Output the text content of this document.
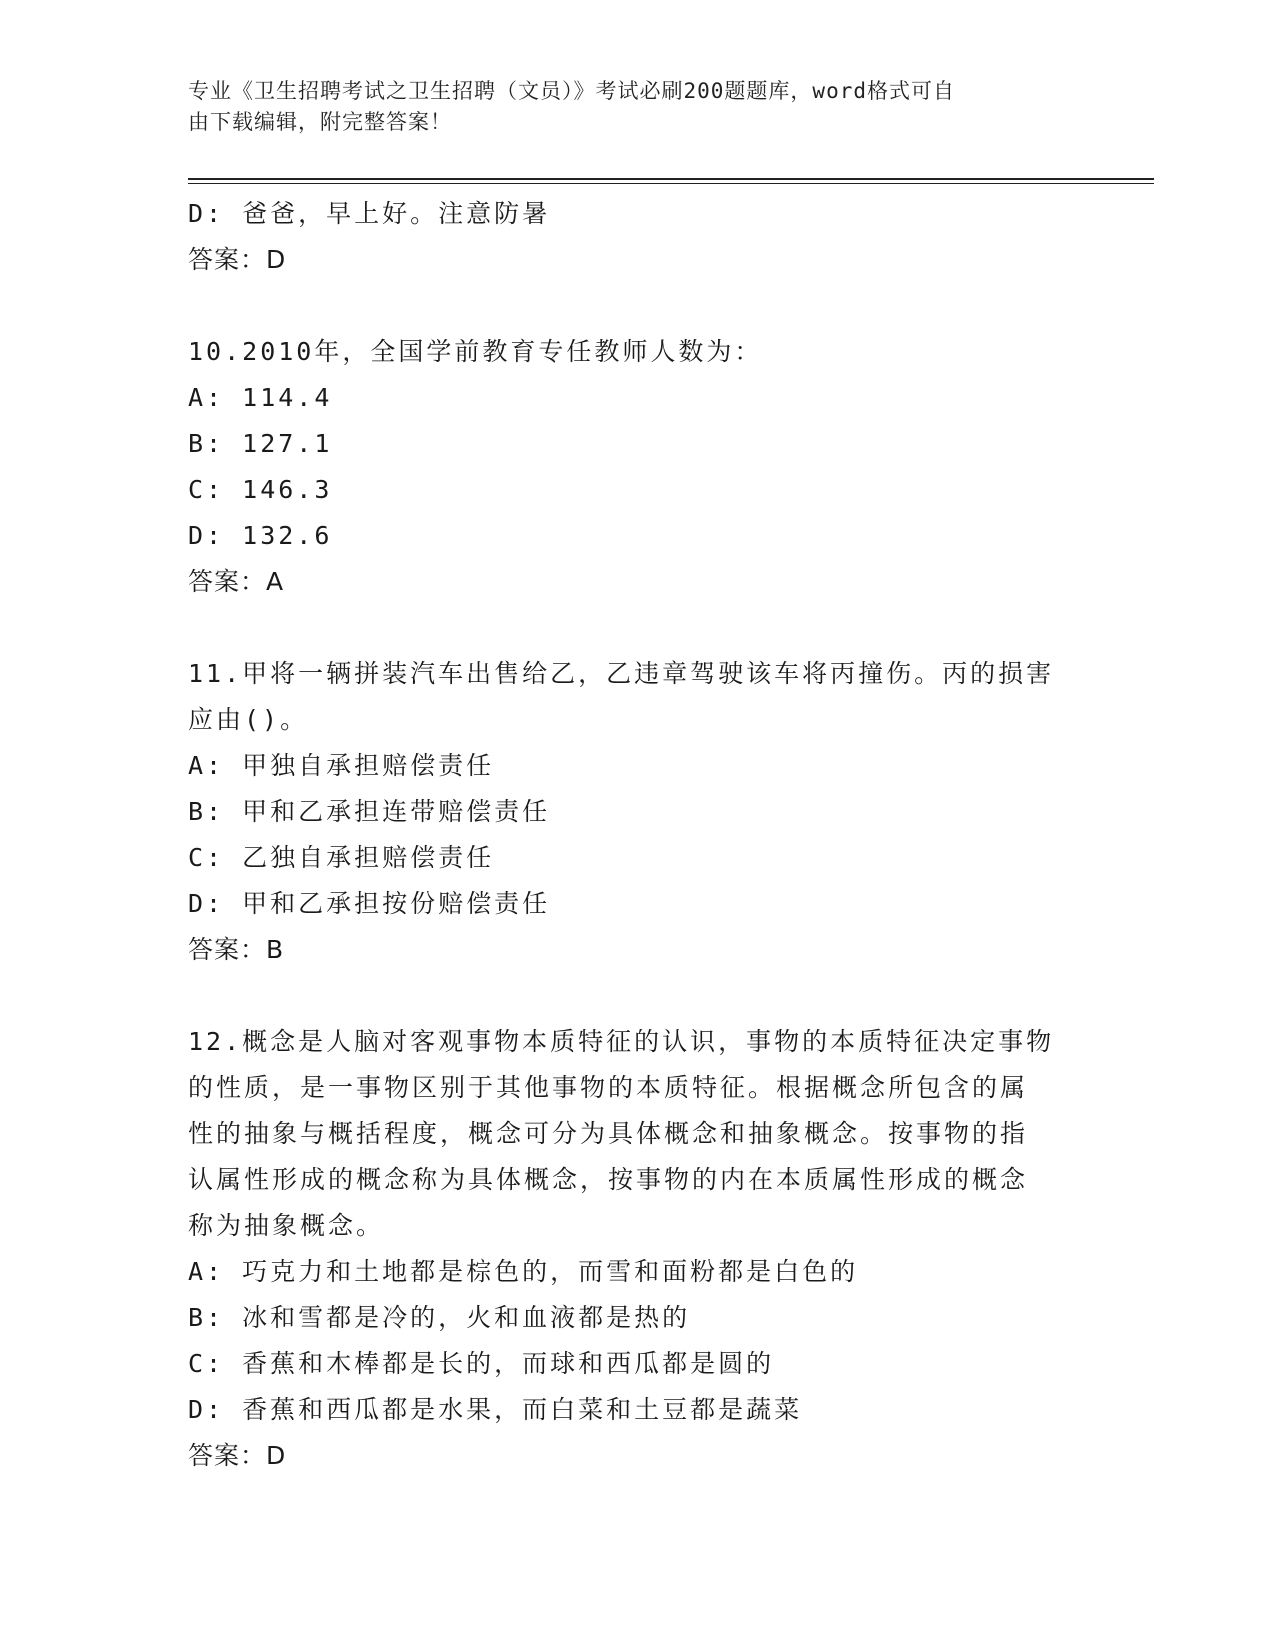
专业《卫生招聘考试之卫生招聘（文员）》考试必刷200题题库，word格式可自
由下载编辑，附完整答案！
D: 爸爸，早上好。注意防暑
答案：D
10.2010年，全国学前教育专任教师人数为：
A: 114.4
B: 127.1
C: 146.3
D: 132.6
答案：A
11.甲将一辆拼装汽车出售给乙，乙违章驾驶该车将丙撞伤。丙的损害
应由()。
A: 甲独自承担赔偿责任
B: 甲和乙承担连带赔偿责任
C: 乙独自承担赔偿责任
D: 甲和乙承担按份赔偿责任
答案：B
12.概念是人脑对客观事物本质特征的认识，事物的本质特征决定事物
的性质，是一事物区别于其他事物的本质特征。根据概念所包含的属
性的抽象与概括程度，概念可分为具体概念和抽象概念。按事物的指
认属性形成的概念称为具体概念，按事物的内在本质属性形成的概念
称为抽象概念。
A: 巧克力和土地都是棕色的，而雪和面粉都是白色的
B: 冰和雪都是冷的，火和血液都是热的
C: 香蕉和木棒都是长的，而球和西瓜都是圆的
D: 香蕉和西瓜都是水果，而白菜和土豆都是蔬菜
答案：D
